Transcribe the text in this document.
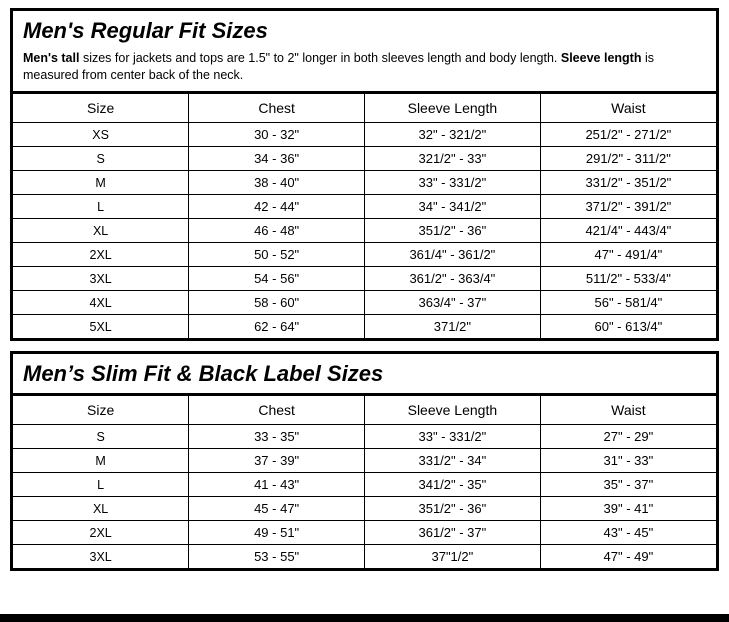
Men's Regular Fit Sizes
Men's tall sizes for jackets and tops are 1.5" to 2" longer in both sleeves length and body length. Sleeve length is measured from center back of the neck.
Size	Chest	Sleeve Length	Waist
XS	30 - 32"	32" - 321/2"	251/2" - 271/2"
S	34 - 36"	321/2" - 33"	291/2" - 311/2"
M	38 - 40"	33" - 331/2"	331/2" - 351/2"
L	42 - 44"	34" - 341/2"	371/2" - 391/2"
XL	46 - 48"	351/2" - 36"	421/4" - 443/4"
2XL	50 - 52"	361/4" - 361/2"	47" - 491/4"
3XL	54 - 56"	361/2" - 363/4"	511/2" - 533/4"
4XL	58 - 60"	363/4" - 37"	56" - 581/4"
5XL	62 - 64"	371/2"	60" - 613/4"
Men’s Slim Fit & Black Label Sizes
Size	Chest	Sleeve Length	Waist
S	33 - 35"	33" - 331/2"	27" - 29"
M	37 - 39"	331/2" - 34"	31" - 33"
L	41 - 43"	341/2" - 35"	35" - 37"
XL	45 - 47"	351/2" - 36"	39" - 41"
2XL	49 - 51"	361/2" - 37"	43" - 45"
3XL	53 - 55"	37"1/2"	47" - 49"
